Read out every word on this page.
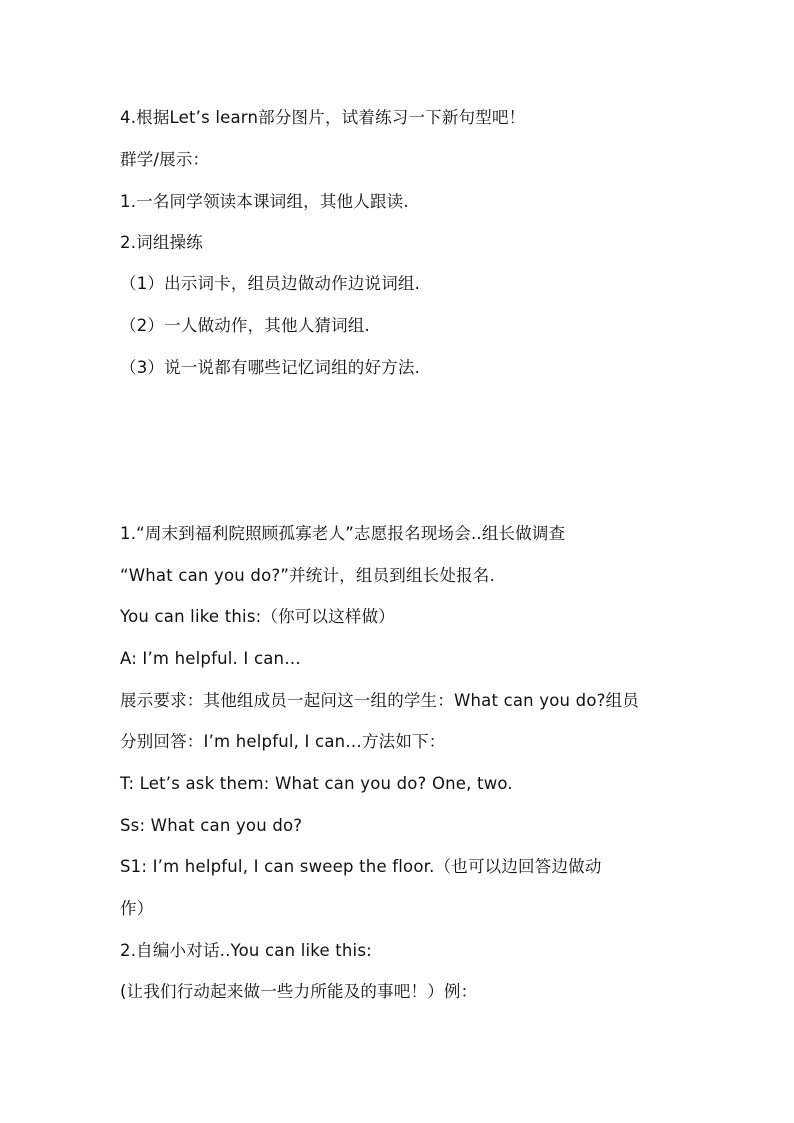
4.根据Let’s learn部分图片，试着练习一下新句型吧！
群学/展示：
1.一名同学领读本课词组，其他人跟读.
2.词组操练
（1）出示词卡，组员边做动作边说词组.
（2）一人做动作，其他人猜词组.
（3）说一说都有哪些记忆词组的好方法.
1.“周末到福利院照顾孤寡老人”志愿报名现场会..组长做调查
“What can you do?”并统计，组员到组长处报名.
You can like this:（你可以这样做）
A: I’m helpful. I can…
展示要求：其他组成员一起问这一组的学生：What can you do?组员
分别回答：I’m helpful, I can…方法如下：
T: Let’s ask them: What can you do? One, two.
Ss: What can you do?
S1: I’m helpful, I can sweep the floor.（也可以边回答边做动
作）
2.自编小对话..You can like this:
(让我们行动起来做一些力所能及的事吧！）例：
